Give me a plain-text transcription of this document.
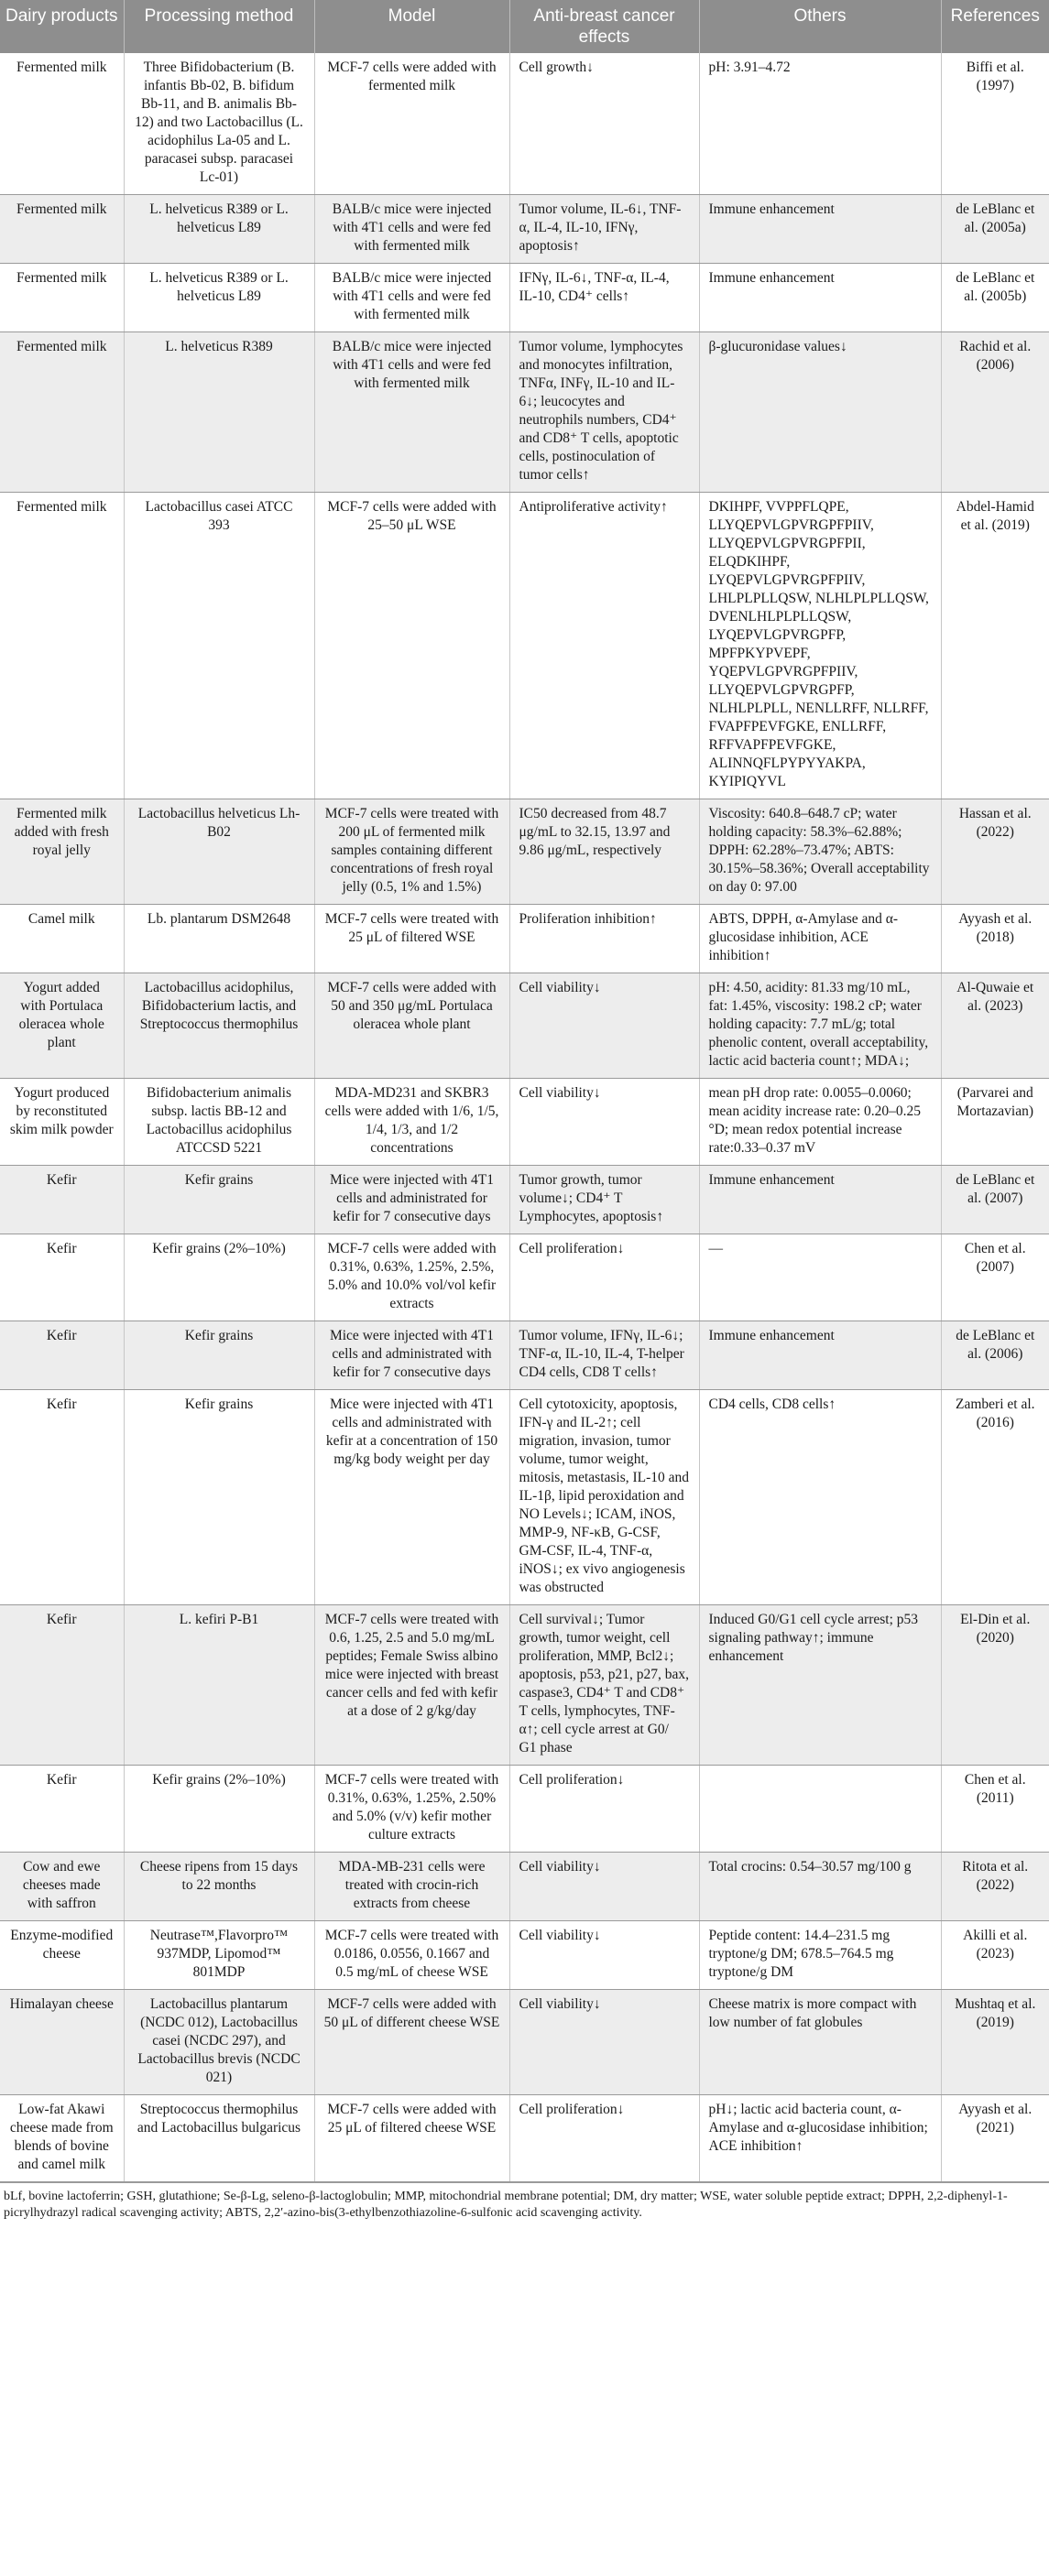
Dairy products	Processing method	Model	Anti-breast cancer effects	Others	References
Fermented milk	Three Bifidobacterium (B. infantis Bb-02, B. bifidum Bb-11, and B. animalis Bb-12) and two Lactobacillus (L. acidophilus La-05 and L. paracasei subsp. paracasei Lc-01)	MCF-7 cells were added with fermented milk	Cell growth↓	pH: 3.91–4.72	Biffi et al. (1997)
Fermented milk	L. helveticus R389 or L. helveticus L89	BALB/c mice were injected with 4T1 cells and were fed with fermented milk	Tumor volume, IL-6↓, TNF-α, IL-4, IL-10, IFNγ, apoptosis↑	Immune enhancement	de LeBlanc et al. (2005a)
Fermented milk	L. helveticus R389 or L. helveticus L89	BALB/c mice were injected with 4T1 cells and were fed with fermented milk	IFNγ, IL-6↓, TNF-α, IL-4, IL-10, CD4⁺ cells↑	Immune enhancement	de LeBlanc et al. (2005b)
Fermented milk	L. helveticus R389	BALB/c mice were injected with 4T1 cells and were fed with fermented milk	Tumor volume, lymphocytes and monocytes infiltration, TNFα, INFγ, IL-10 and IL-6↓; leucocytes and neutrophils numbers, CD4⁺ and CD8⁺ T cells, apoptotic cells, postinoculation of tumor cells↑	β-glucuronidase values↓	Rachid et al. (2006)
Fermented milk	Lactobacillus casei ATCC 393	MCF-7 cells were added with 25–50 μL WSE	Antiproliferative activity↑	DKIHPF, VVPPFLQPE, LLYQEPVLGPVRGPFPIIV, LLYQEPVLGPVRGPFPII, ELQDKIHPF, LYQEPVLGPVRGPFPIIV, LHLPLPLLQSW, NLHLPLPLLQSW, DVENLHLPLPLLQSW, LYQEPVLGPVRGPFP, MPFPKYPVEPF, YQEPVLGPVRGPFPIIV, LLYQEPVLGPVRGPFP, NLHLPLPLL, NENLLRFF, NLLRFF, FVAPFPEVFGKE, ENLLRFF, RFFVAPFPEVFGKE, ALINNQFLPYPYYAKPA, KYIPIQYVL	Abdel-Hamid et al. (2019)
Fermented milk added with fresh royal jelly	Lactobacillus helveticus Lh-B02	MCF-7 cells were treated with 200 μL of fermented milk samples containing different concentrations of fresh royal jelly (0.5, 1% and 1.5%)	IC50 decreased from 48.7 μg/mL to 32.15, 13.97 and 9.86 μg/mL, respectively	Viscosity: 640.8–648.7 cP; water holding capacity: 58.3%–62.88%; DPPH: 62.28%–73.47%; ABTS: 30.15%–58.36%; Overall acceptability on day 0: 97.00	Hassan et al. (2022)
Camel milk	Lb. plantarum DSM2648	MCF-7 cells were treated with 25 μL of filtered WSE	Proliferation inhibition↑	ABTS, DPPH, α-Amylase and α-glucosidase inhibition, ACE inhibition↑	Ayyash et al. (2018)
Yogurt added with Portulaca oleracea whole plant	Lactobacillus acidophilus, Bifidobacterium lactis, and Streptococcus thermophilus	MCF-7 cells were added with 50 and 350 μg/mL Portulaca oleracea whole plant	Cell viability↓	pH: 4.50, acidity: 81.33 mg/10 mL, fat: 1.45%, viscosity: 198.2 cP; water holding capacity: 7.7 mL/g; total phenolic content, overall acceptability, lactic acid bacteria count↑; MDA↓;	Al-Quwaie et al. (2023)
Yogurt produced by reconstituted skim milk powder	Bifidobacterium animalis subsp. lactis BB-12 and Lactobacillus acidophilus ATCCSD 5221	MDA-MD231 and SKBR3 cells were added with 1/6, 1/5, 1/4, 1/3, and 1/2 concentrations	Cell viability↓	mean pH drop rate: 0.0055–0.0060; mean acidity increase rate: 0.20–0.25 °D; mean redox potential increase rate:0.33–0.37 mV	(Parvarei and Mortazavian)
Kefir	Kefir grains	Mice were injected with 4T1 cells and administrated for kefir for 7 consecutive days	Tumor growth, tumor volume↓; CD4⁺ T Lymphocytes, apoptosis↑	Immune enhancement	de LeBlanc et al. (2007)
Kefir	Kefir grains (2%–10%)	MCF-7 cells were added with 0.31%, 0.63%, 1.25%, 2.5%, 5.0% and 10.0% vol/vol kefir extracts	Cell proliferation↓	—	Chen et al. (2007)
Kefir	Kefir grains	Mice were injected with 4T1 cells and administrated with kefir for 7 consecutive days	Tumor volume, IFNγ, IL-6↓; TNF-α, IL-10, IL-4, T-helper CD4 cells, CD8 T cells↑	Immune enhancement	de LeBlanc et al. (2006)
Kefir	Kefir grains	Mice were injected with 4T1 cells and administrated with kefir at a concentration of 150 mg/kg body weight per day	Cell cytotoxicity, apoptosis, IFN-γ and IL-2↑; cell migration, invasion, tumor volume, tumor weight, mitosis, metastasis, IL-10 and IL-1β, lipid peroxidation and NO Levels↓; ICAM, iNOS, MMP-9, NF-κB, G-CSF, GM-CSF, IL-4, TNF-α, iNOS↓; ex vivo angiogenesis was obstructed	CD4 cells, CD8 cells↑	Zamberi et al. (2016)
Kefir	L. kefiri P-B1	MCF-7 cells were treated with 0.6, 1.25, 2.5 and 5.0 mg/mL peptides; Female Swiss albino mice were injected with breast cancer cells and fed with kefir at a dose of 2 g/kg/day	Cell survival↓; Tumor growth, tumor weight, cell proliferation, MMP, Bcl2↓; apoptosis, p53, p21, p27, bax, caspase3, CD4⁺ T and CD8⁺ T cells, lymphocytes, TNF-α↑; cell cycle arrest at G0/ G1 phase	Induced G0/G1 cell cycle arrest; p53 signaling pathway↑; immune enhancement	El-Din et al. (2020)
Kefir	Kefir grains (2%–10%)	MCF-7 cells were treated with 0.31%, 0.63%, 1.25%, 2.50% and 5.0% (v/v) kefir mother culture extracts	Cell proliferation↓		Chen et al. (2011)
Cow and ewe cheeses made with saffron	Cheese ripens from 15 days to 22 months	MDA-MB-231 cells were treated with crocin-rich extracts from cheese	Cell viability↓	Total crocins: 0.54–30.57 mg/100 g	Ritota et al. (2022)
Enzyme-modified cheese	Neutrase™,Flavorpro™ 937MDP, Lipomod™ 801MDP	MCF-7 cells were treated with 0.0186, 0.0556, 0.1667 and 0.5 mg/mL of cheese WSE	Cell viability↓	Peptide content: 14.4–231.5 mg tryptone/g DM; 678.5–764.5 mg tryptone/g DM	Akilli et al. (2023)
Himalayan cheese	Lactobacillus plantarum (NCDC 012), Lactobacillus casei (NCDC 297), and Lactobacillus brevis (NCDC 021)	MCF-7 cells were added with 50 μL of different cheese WSE	Cell viability↓	Cheese matrix is more compact with low number of fat globules	Mushtaq et al. (2019)
Low-fat Akawi cheese made from blends of bovine and camel milk	Streptococcus thermophilus and Lactobacillus bulgaricus	MCF-7 cells were added with 25 μL of filtered cheese WSE	Cell proliferation↓	pH↓; lactic acid bacteria count, α-Amylase and α-glucosidase inhibition; ACE inhibition↑	Ayyash et al. (2021)
bLf, bovine lactoferrin; GSH, glutathione; Se-β-Lg, seleno-β-lactoglobulin; MMP, mitochondrial membrane potential; DM, dry matter; WSE, water soluble peptide extract; DPPH, 2,2-diphenyl-1-picrylhydrazyl radical scavenging activity; ABTS, 2,2′-azino-bis(3-ethylbenzothiazoline-6-sulfonic acid scavenging activity.
